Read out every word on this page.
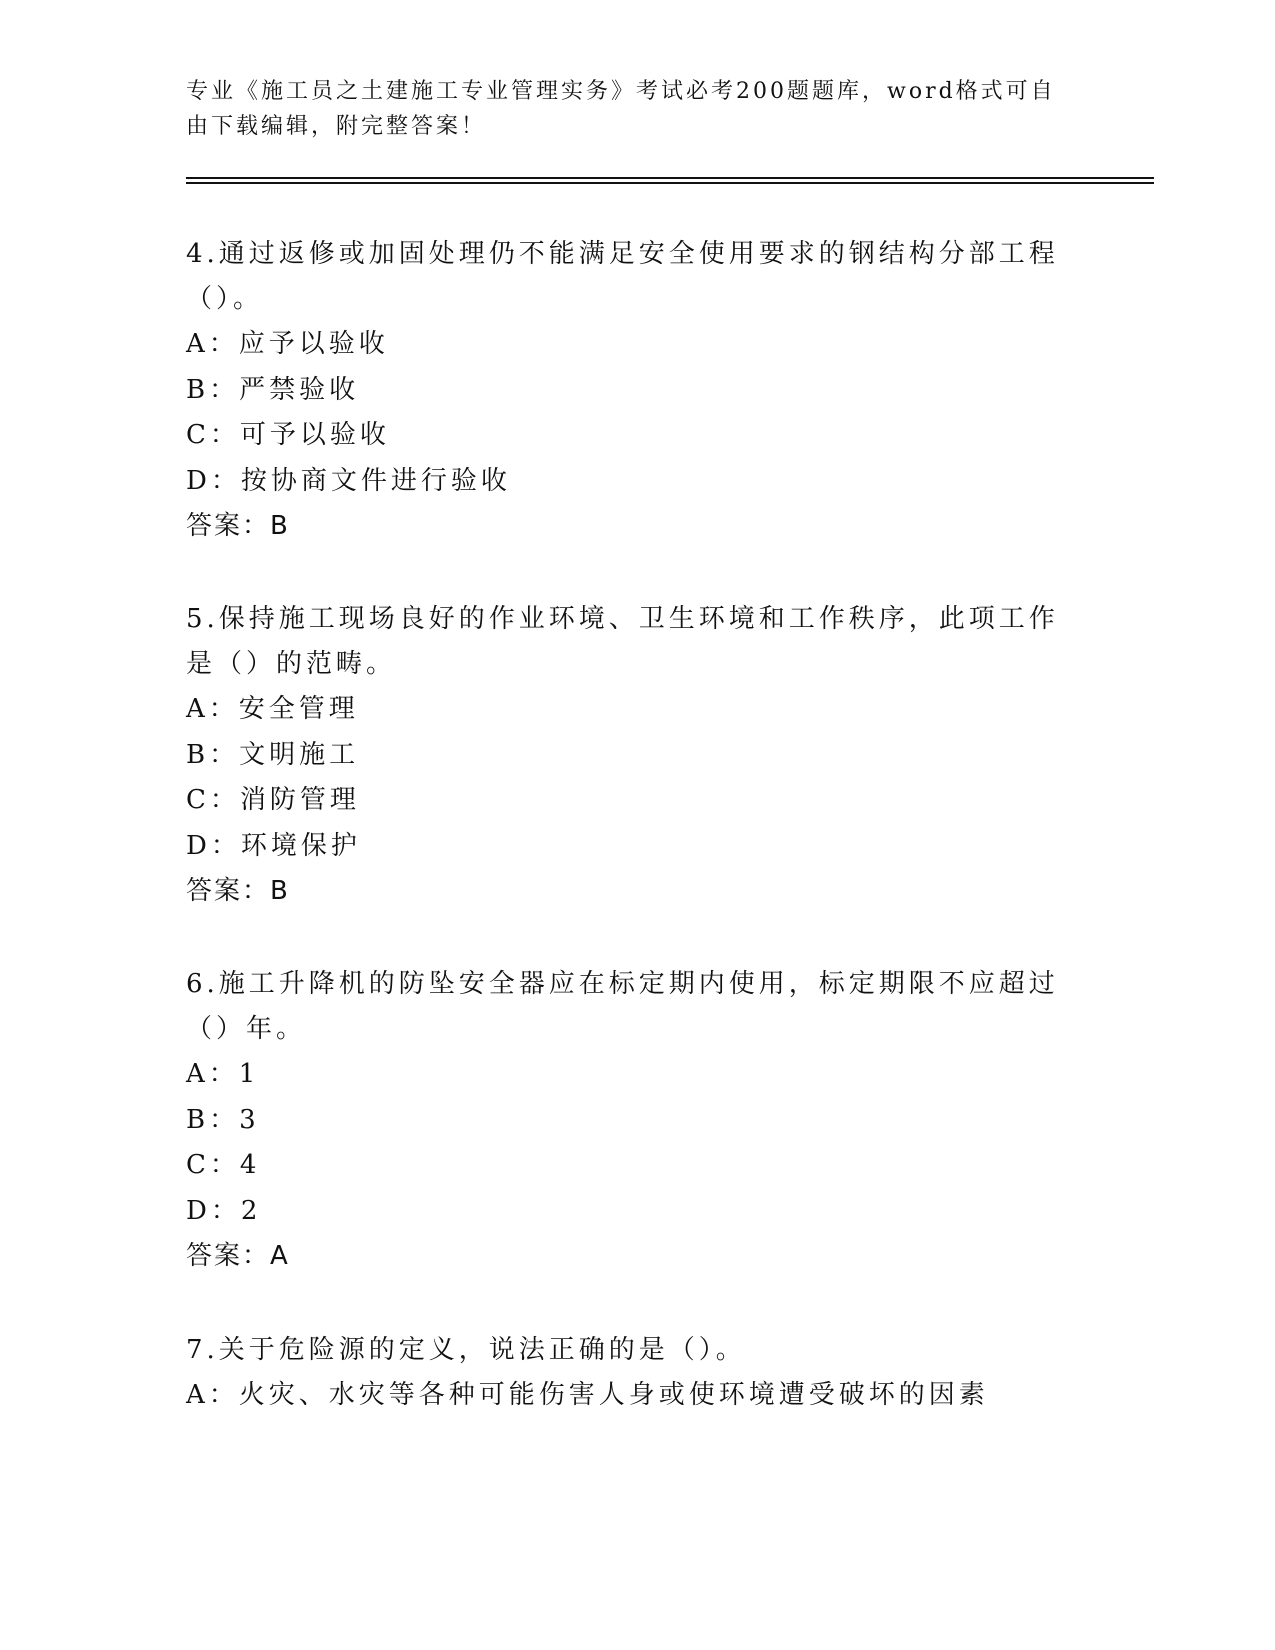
专业《施工员之土建施工专业管理实务》考试必考200题题库，word格式可自由下载编辑，附完整答案！

4.通过返修或加固处理仍不能满足安全使用要求的钢结构分部工程（）。

A：应予以验收

B：严禁验收

C：可予以验收

D：按协商文件进行验收

答案：B

5.保持施工现场良好的作业环境、卫生环境和工作秩序，此项工作是（）的范畴。

A：安全管理

B：文明施工

C：消防管理

D：环境保护

答案：B

6.施工升降机的防坠安全器应在标定期内使用，标定期限不应超过（）年。

A：1

B：3

C：4

D：2

答案：A

7.关于危险源的定义，说法正确的是（）。

A：火灾、水灾等各种可能伤害人身或使环境遭受破坏的因素
